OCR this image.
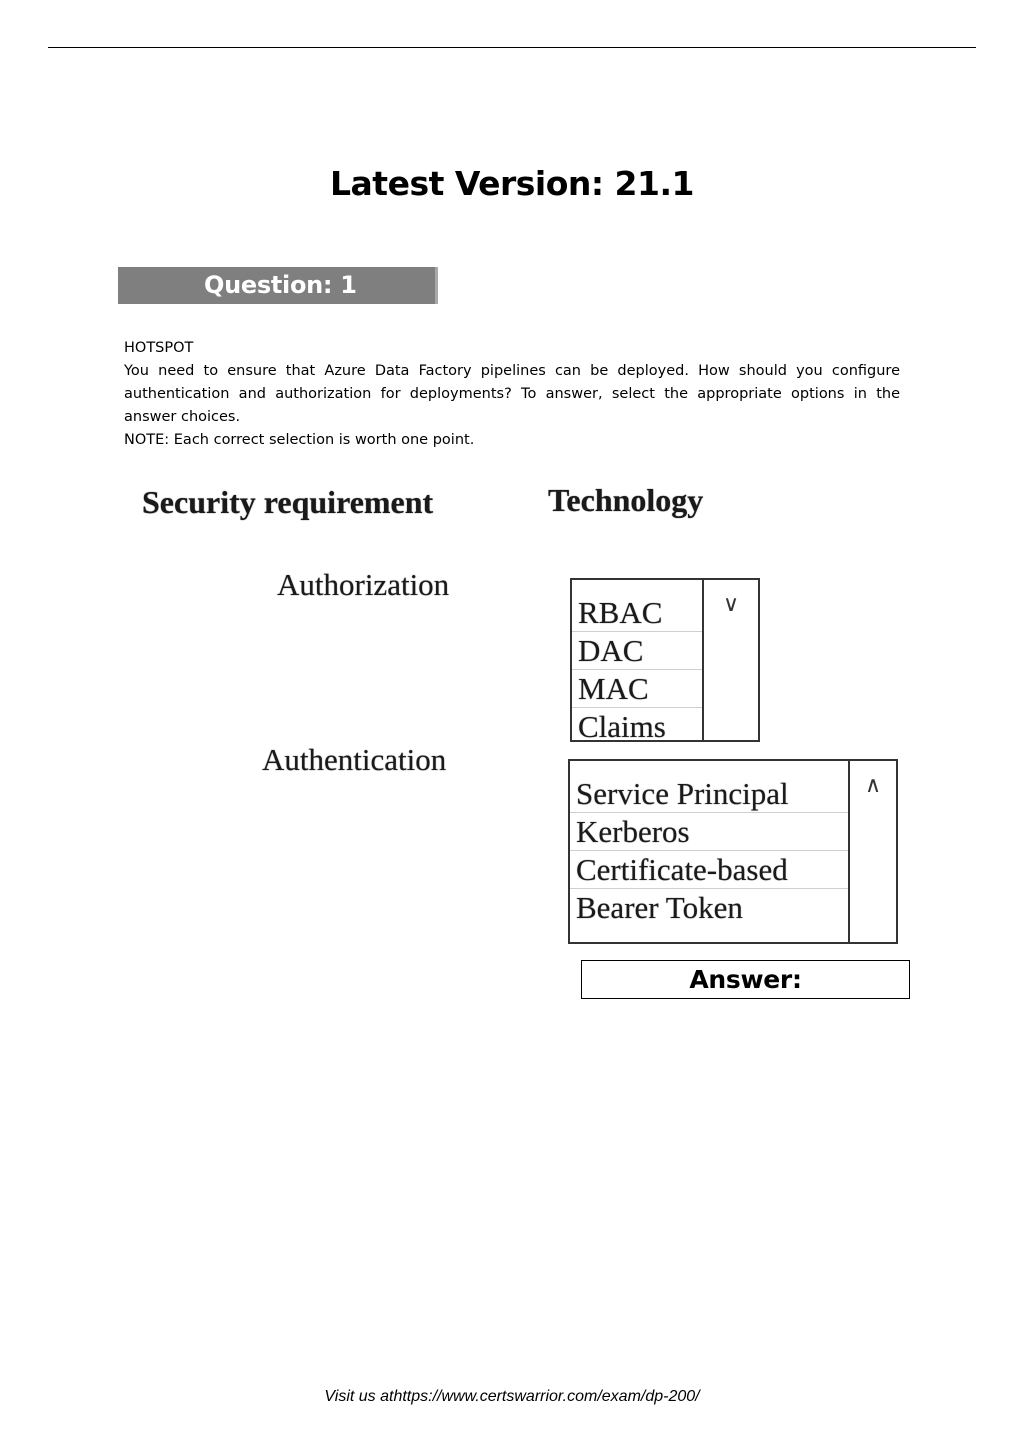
Latest Version: 21.1
Question: 1

HOTSPOT

You need to ensure that Azure Data Factory pipelines can be deployed. How should you configure authentication and authorization for deployments? To answer, select the appropriate options in the answer choices.

NOTE: Each correct selection is worth one point.

Security requirement	Technology
Authorization
RBAC
DAC
MAC
Claims
∨
Authentication
Service Principal
Kerberos
Certificate-based
Bearer Token
∧
Answer:
Visit us athttps://www.certswarrior.com/exam/dp-200/
